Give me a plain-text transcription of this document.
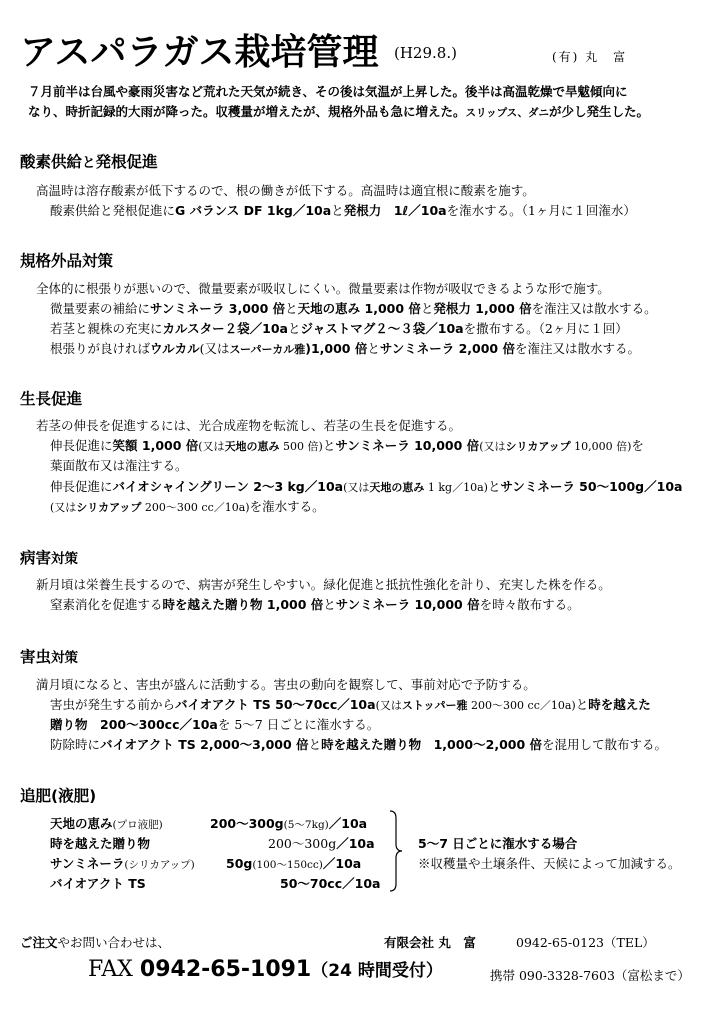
アスパラガス栽培管理 (H29.8.)	(有) 丸　富
７月前半は台風や豪雨災害など荒れた天気が続き、その後は気温が上昇した。後半は高温乾燥で旱魃傾向に
なり、時折記録的大雨が降った。収穫量が増えたが、規格外品も急に増えた。スリップス、ダニが少し発生した。
酸素供給と発根促進
高温時は溶存酸素が低下するので、根の働きが低下する。高温時は適宜根に酸素を施す。
酸素供給と発根促進にG バランス DF 1kg／10aと発根力　1ℓ／10aを潅水する。（1ヶ月に１回潅水）
規格外品対策
全体的に根張りが悪いので、微量要素が吸収しにくい。微量要素は作物が吸収できるような形で施す。
微量要素の補給にサンミネーラ 3,000 倍と天地の恵み 1,000 倍と発根力 1,000 倍を潅注又は散水する。
若茎と親株の充実にカルスター２袋／10aとジャストマグ２〜３袋／10aを撒布する。（2ヶ月に１回）
根張りが良ければウルカル(又はスーパーカル雅)1,000 倍とサンミネーラ 2,000 倍を潅注又は散水する。
生長促進
若茎の伸長を促進するには、光合成産物を転流し、若茎の生長を促進する。
伸長促進に笑額 1,000 倍(又は天地の恵み 500 倍)とサンミネーラ 10,000 倍(又はシリカアップ 10,000 倍)を
葉面散布又は潅注する。
伸長促進にバイオシャイングリーン 2〜3 kg／10a(又は天地の恵み 1 kg／10a)とサンミネーラ 50〜100g／10a
(又はシリカアップ 200〜300 cc／10a)を潅水する。
病害対策
新月頃は栄養生長するので、病害が発生しやすい。緑化促進と抵抗性強化を計り、充実した株を作る。
窒素消化を促進する時を越えた贈り物 1,000 倍とサンミネーラ 10,000 倍を時々散布する。
害虫対策
満月頃になると、害虫が盛んに活動する。害虫の動向を観察して、事前対応で予防する。
害虫が発生する前からバイオアクト TS 50〜70cc／10a(又はストッパー雅 200〜300 cc／10a)と時を越えた
贈り物　200〜300cc／10aを 5〜7 日ごとに潅水する。
防除時にバイオアクト TS 2,000〜3,000 倍と時を越えた贈り物　1,000〜2,000 倍を混用して散布する。
追肥(液肥)
天地の恵み(プロ液肥)	200〜300g(5〜7kg)／10a
時を越えた贈り物	200〜300g／10a
サンミネーラ(シリカアップ)	50g(100〜150cc)／10a
バイオアクト TS	50〜70cc／10a
5〜7 日ごとに潅水する場合
※収穫量や土壌条件、天候によって加減する。
ご注文やお問い合わせは、	有限会社 丸　富	0942‐65‐0123（TEL）
FAX 0942-65-1091（24 時間受付）	携帯 090-3328-7603（富松まで）
